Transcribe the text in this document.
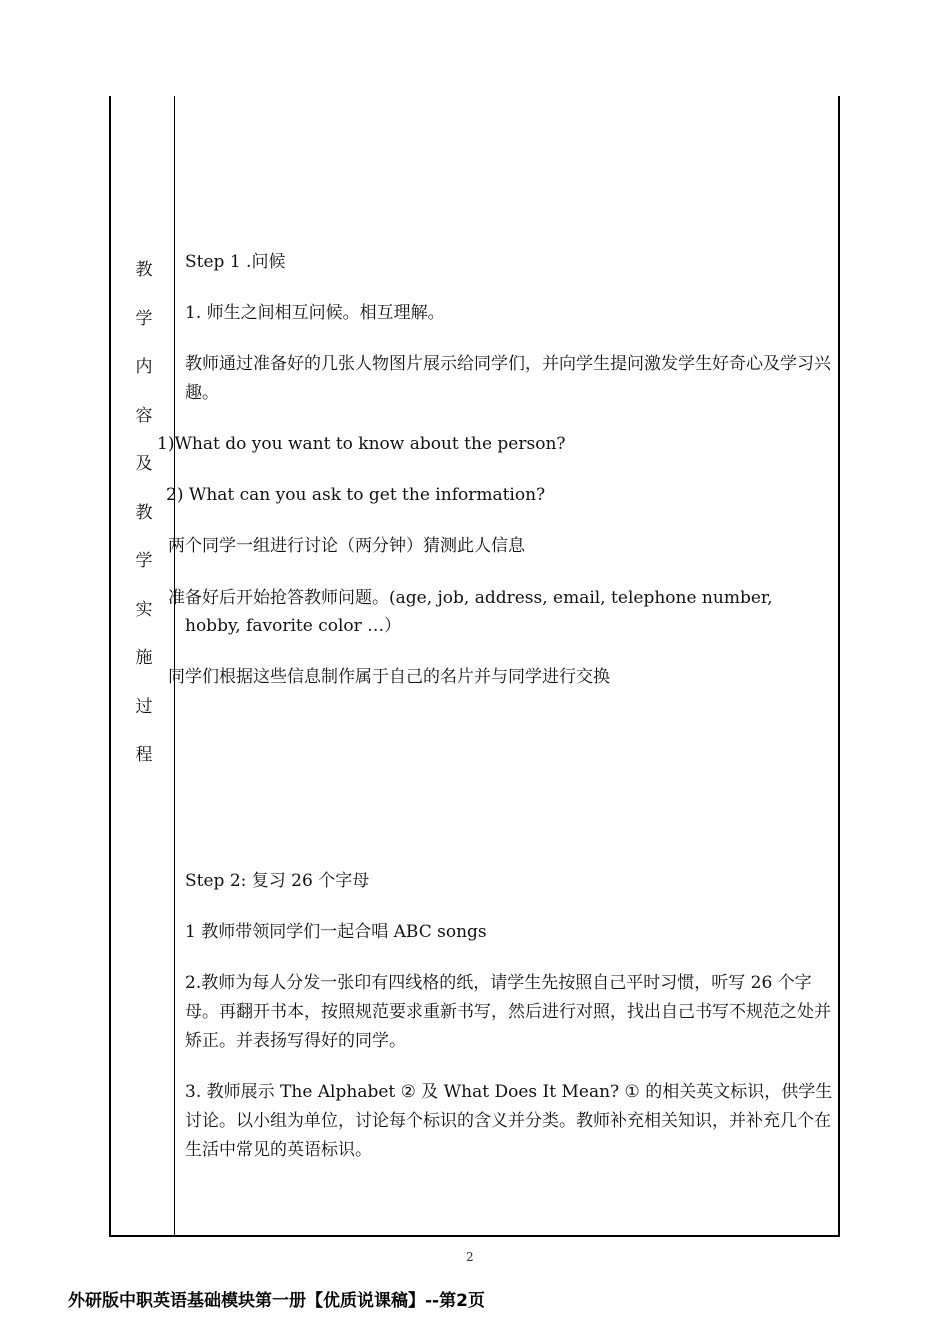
教
学
内
容
及
教
学
实
施
过
程
Step 1 .问候
1. 师生之间相互问候。相互理解。
教师通过准备好的几张人物图片展示给同学们，并向学生提问激发学生好奇心及学习兴趣。
1)What do you want to know about the person?
2) What can you ask to get the information?
两个同学一组进行讨论（两分钟）猜测此人信息
准备好后开始抢答教师问题。(age, job, address, email, telephone number,
hobby, favorite color …）
同学们根据这些信息制作属于自己的名片并与同学进行交换
Step 2: 复习 26 个字母
1 教师带领同学们一起合唱 ABC songs
2.教师为每人分发一张印有四线格的纸，请学生先按照自己平时习惯，听写 26 个字母。再翻开书本，按照规范要求重新书写，然后进行对照，找出自己书写不规范之处并矫正。并表扬写得好的同学。
3. 教师展示 The Alphabet ② 及 What Does It Mean? ① 的相关英文标识，供学生讨论。以小组为单位，讨论每个标识的含义并分类。教师补充相关知识，并补充几个在生活中常见的英语标识。
2
外研版中职英语基础模块第一册【优质说课稿】--第2页
